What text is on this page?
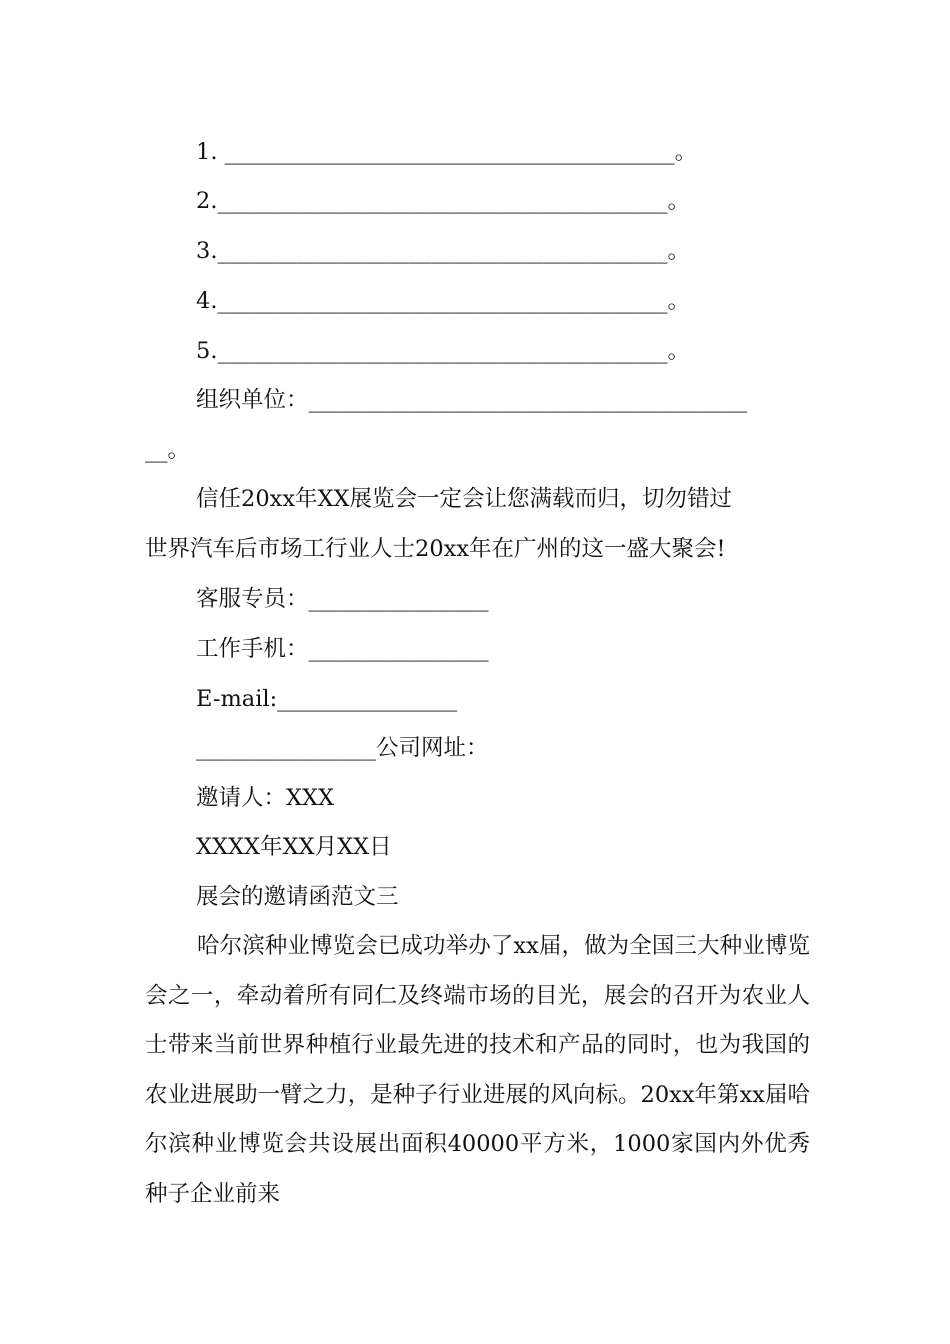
1. ________________________________________。
2.________________________________________。
3.________________________________________。
4.________________________________________。
5.________________________________________。
组织单位：_______________________________________
__。
信任20xx年XX展览会一定会让您满载而归，切勿错过
世界汽车后市场工行业人士20xx年在广州的这一盛大聚会!
客服专员：________________
工作手机：________________
E-mail:________________
________________公司网址：
邀请人：XXX
XXXX年XX月XX日
展会的邀请函范文三

哈尔滨种业博览会已成功举办了xx届，做为全国三大种业博览会之一，牵动着所有同仁及终端市场的目光，展会的召开为农业人士带来当前世界种植行业最先进的技术和产品的同时，也为我国的农业进展助一臂之力，是种子行业进展的风向标。20xx年第xx届哈尔滨种业博览会共设展出面积40000平方米，1000家国内外优秀种子企业前来
